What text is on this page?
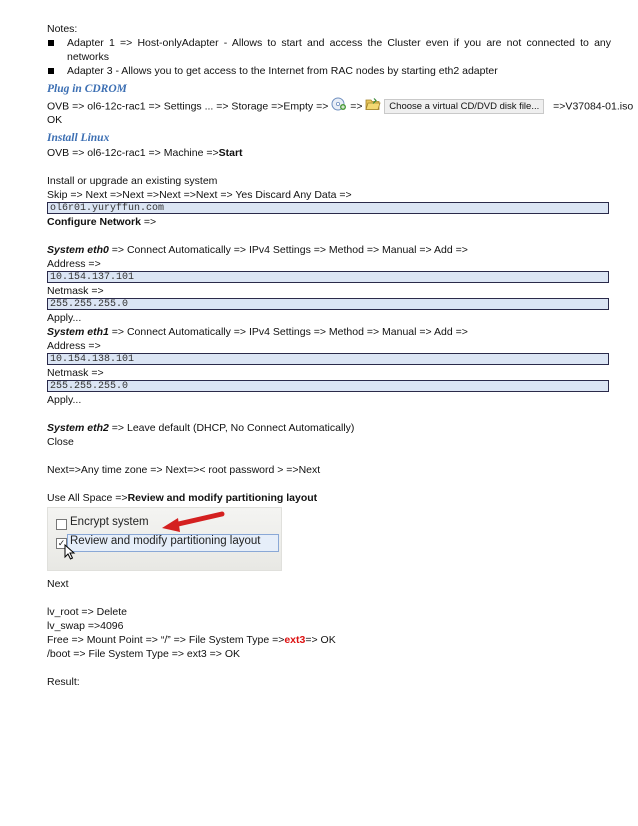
Notes:
Adapter 1 => Host-onlyAdapter - Allows to start and access the Cluster even if you are not connected to any networks
Adapter 3 - Allows you to get access to the Internet from RAC nodes by starting eth2 adapter
Plug in CDROM
OVB => ol6-12c-rac1 => Settings ... => Storage =>Empty =>  =>	Choose a virtual CD/DVD disk file... =>V37084-01.iso
OK
Install Linux
OVB => ol6-12c-rac1 => Machine =>Start
Install or upgrade an existing system
Skip => Next =>Next =>Next =>Next => Yes Discard Any Data =>
ol6r01.yuryffun.com
Configure Network =>
System eth0 => Connect Automatically => IPv4 Settings => Method => Manual => Add =>
Address =>
10.154.137.101
Netmask =>
255.255.255.0
Apply...
System eth1 => Connect Automatically => IPv4 Settings => Method => Manual => Add =>
Address =>
10.154.138.101
Netmask =>
255.255.255.0
Apply...
System eth2 => Leave default (DHCP, No Connect Automatically)
Close
Next=>Any time zone => Next=>< root password > =>Next
Use All Space =>Review and modify partitioning layout
Encrypt system
✓ Review and modify partitioning layout
Next
lv_root => Delete
lv_swap =>4096
Free => Mount Point => “/” => File System Type =>ext3=> OK
/boot => File System Type => ext3 => OK
Result:
